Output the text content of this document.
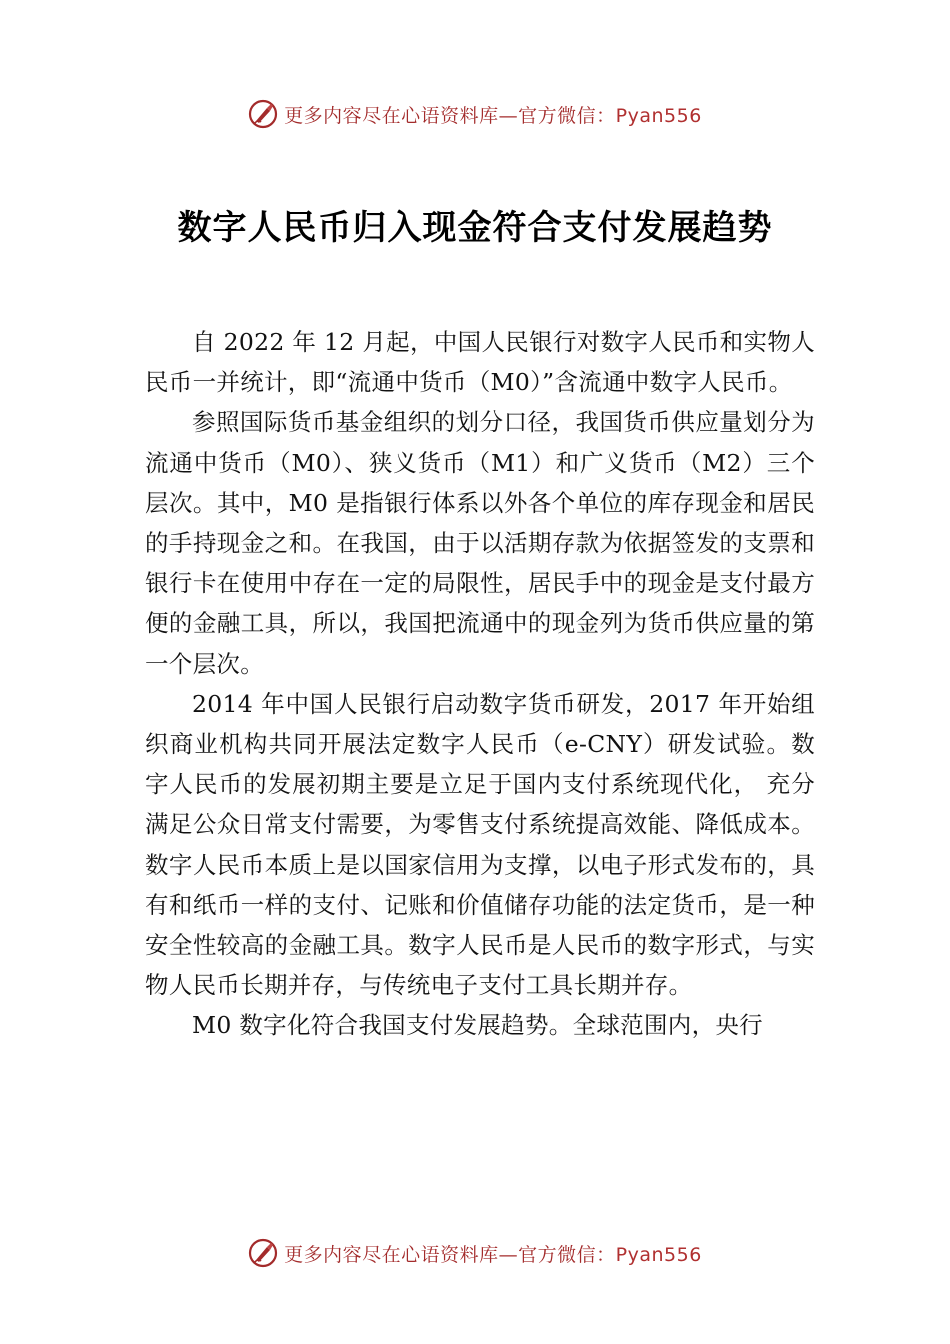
更多内容尽在心语资料库—官方微信：Pyan556
数字人民币归入现金符合支付发展趋势

自 2022 年 12 月起，中国人民银行对数字人民币和实物人民币一并统计，即“流通中货币（M0）”含流通中数字人民币。

参照国际货币基金组织的划分口径，我国货币供应量划分为流通中货币（M0）、狭义货币（M1）和广义货币（M2）三个层次。其中，M0 是指银行体系以外各个单位的库存现金和居民的手持现金之和。在我国，由于以活期存款为依据签发的支票和银行卡在使用中存在一定的局限性，居民手中的现金是支付最方便的金融工具，所以，我国把流通中的现金列为货币供应量的第一个层次。

2014 年中国人民银行启动数字货币研发，2017 年开始组织商业机构共同开展法定数字人民币（e-CNY）研发试验。数字人民币的发展初期主要是立足于国内支付系统现代化， 充分满足公众日常支付需要，为零售支付系统提高效能、降低成本。数字人民币本质上是以国家信用为支撑，以电子形式发布的，具有和纸币一样的支付、记账和价值储存功能的法定货币，是一种安全性较高的金融工具。数字人民币是人民币的数字形式，与实物人民币长期并存，与传统电子支付工具长期并存。

M0 数字化符合我国支付发展趋势。全球范围内，央行

更多内容尽在心语资料库—官方微信：Pyan556
